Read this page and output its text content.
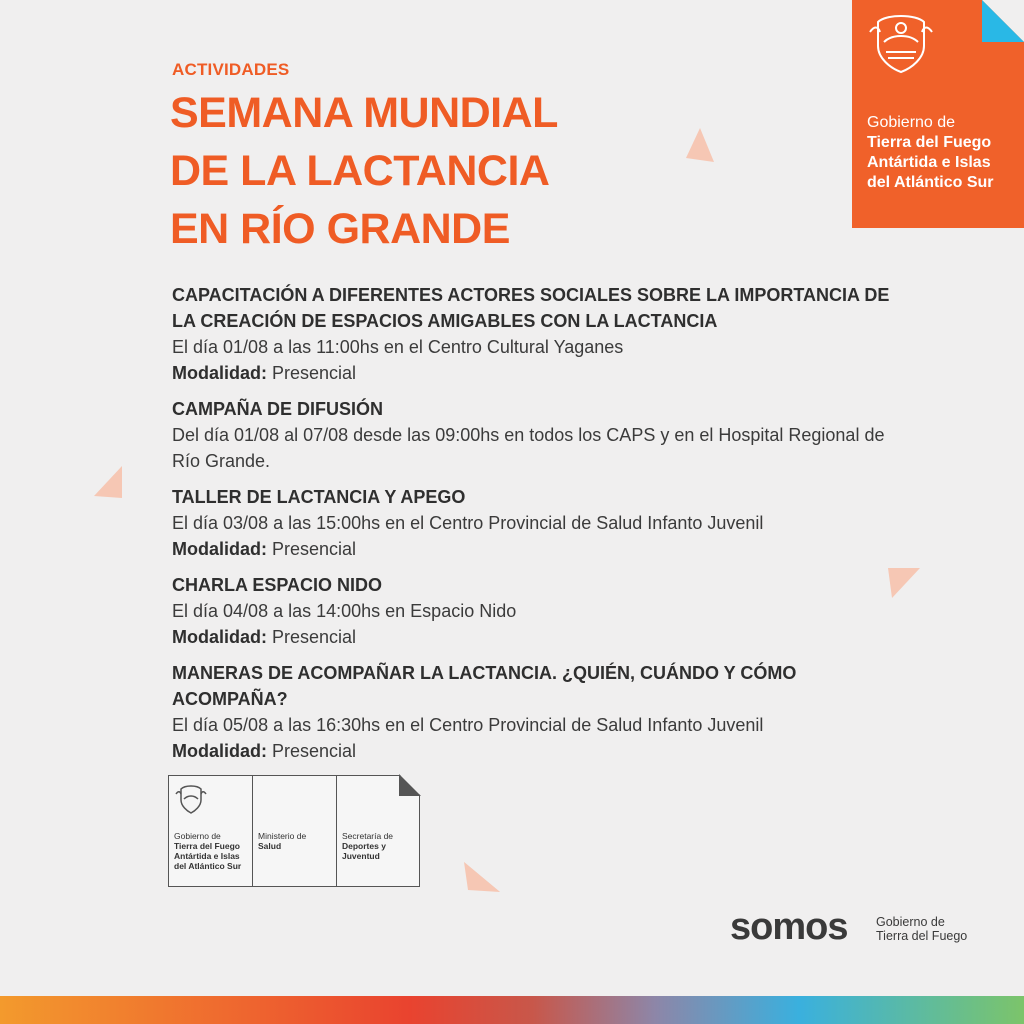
Gobierno de
Tierra del Fuego
Antártida e Islas
del Atlántico Sur
ACTIVIDADES
SEMANA MUNDIAL
DE LA LACTANCIA
EN RÍO GRANDE
CAPACITACIÓN A DIFERENTES ACTORES SOCIALES SOBRE LA IMPORTANCIA DE LA CREACIÓN DE ESPACIOS AMIGABLES CON LA LACTANCIA
El día 01/08 a las 11:00hs en el Centro Cultural Yaganes
Modalidad: Presencial
CAMPAÑA DE DIFUSIÓN
Del día 01/08 al 07/08 desde las 09:00hs en todos los CAPS y en el Hospital Regional de Río Grande.
TALLER DE LACTANCIA Y APEGO
El día 03/08 a las 15:00hs en el Centro Provincial de Salud Infanto Juvenil
Modalidad: Presencial
CHARLA ESPACIO NIDO
El día 04/08 a las 14:00hs en Espacio Nido
Modalidad: Presencial
MANERAS DE ACOMPAÑAR LA LACTANCIA. ¿QUIÉN, CUÁNDO Y CÓMO ACOMPAÑA?
El día 05/08 a las 16:30hs en el Centro Provincial de Salud Infanto Juvenil
Modalidad: Presencial
Gobierno de
Tierra del Fuego
Antártida e Islas
del Atlántico Sur
Ministerio de
Salud
Secretaría de
Deportes y
Juventud
somos Gobierno de
Tierra del Fuego
